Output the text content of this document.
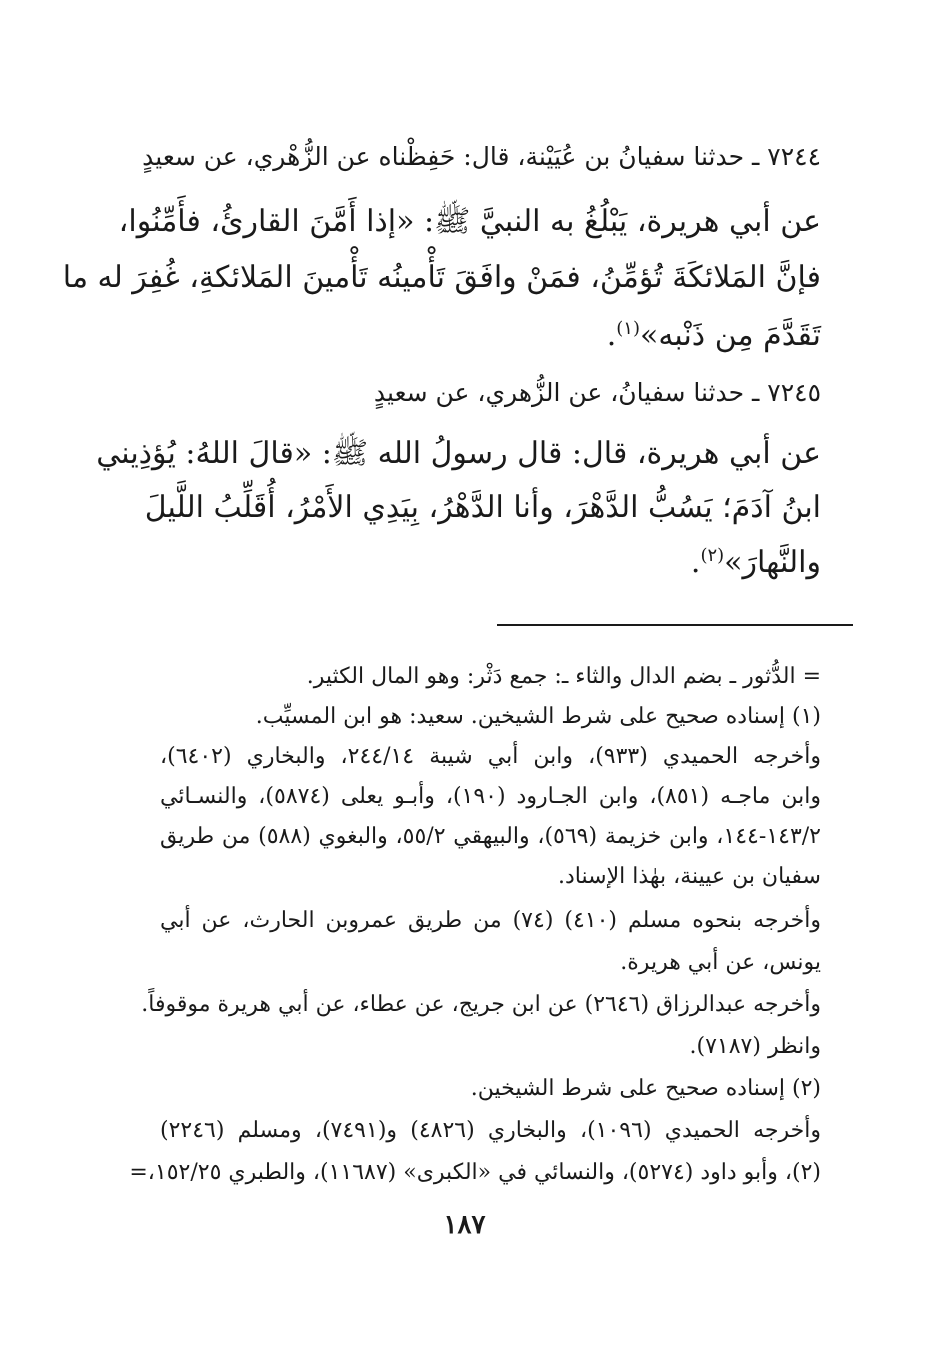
٧٢٤٤ ـ حدثنا سفيانُ بن عُيَيْنة، قال: حَفِظْناه عن الزُّهْري، عن سعيدٍ
عن أبي هريرة، يَبْلُغُ به النبيَّ ﷺ: «إذا أَمَّنَ القارئُ، فأَمِّنُوا،
فإنَّ المَلائكَةَ تُؤمِّنُ، فمَنْ وافَقَ تَأْمينُه تَأْمينَ المَلائكةِ، غُفِرَ له ما
تَقَدَّمَ مِن ذَنْبه»$^{(١)}$.
٧٢٤٥ ـ حدثنا سفيانُ، عن الزُّهري، عن سعيدٍ
عن أبي هريرة، قال: قال رسولُ الله ﷺ: «قالَ اللهُ: يُؤذِيني
ابنُ آدَمَ؛ يَسُبُّ الدَّهْرَ، وأنا الدَّهْرُ، بِيَدِي الأَمْرُ، أُقَلِّبُ اللَّيلَ
والنَّهارَ»$^{(٢)}$.
= الدُّثور ـ بضم الدال والثاء ـ: جمع دَثْر: وهو المال الكثير.
(١) إسناده صحيح على شرط الشيخين. سعيد: هو ابن المسيِّب.
وأخرجه الحميدي (٩٣٣)، وابن أبي شيبة ٢٤٤/١٤، والبخاري (٦٤٠٢)،
وابن ماجـه (٨٥١)، وابن الجـارود (١٩٠)، وأبـو يعلى (٥٨٧٤)، والنسـائي
١٤٣/٢-١٤٤، وابن خزيمة (٥٦٩)، والبيهقي ٥٥/٢، والبغوي (٥٨٨) من طريق
سفيان بن عيينة، بهٰذا الإسناد.
وأخرجه بنحوه مسلم (٤١٠) (٧٤) من طريق عمروبن الحارث، عن أبي
يونس، عن أبي هريرة.
وأخرجه عبدالرزاق (٢٦٤٦) عن ابن جريج، عن عطاء، عن أبي هريرة موقوفاً.
وانظر (٧١٨٧).
(٢) إسناده صحيح على شرط الشيخين.
وأخرجه الحميدي (١٠٩٦)، والبخاري (٤٨٢٦) و(٧٤٩١)، ومسلم (٢٢٤٦)
(٢)، وأبو داود (٥٢٧٤)، والنسائي في «الكبرى» (١١٦٨٧)، والطبري ١٥٢/٢٥،=
١٨٧
